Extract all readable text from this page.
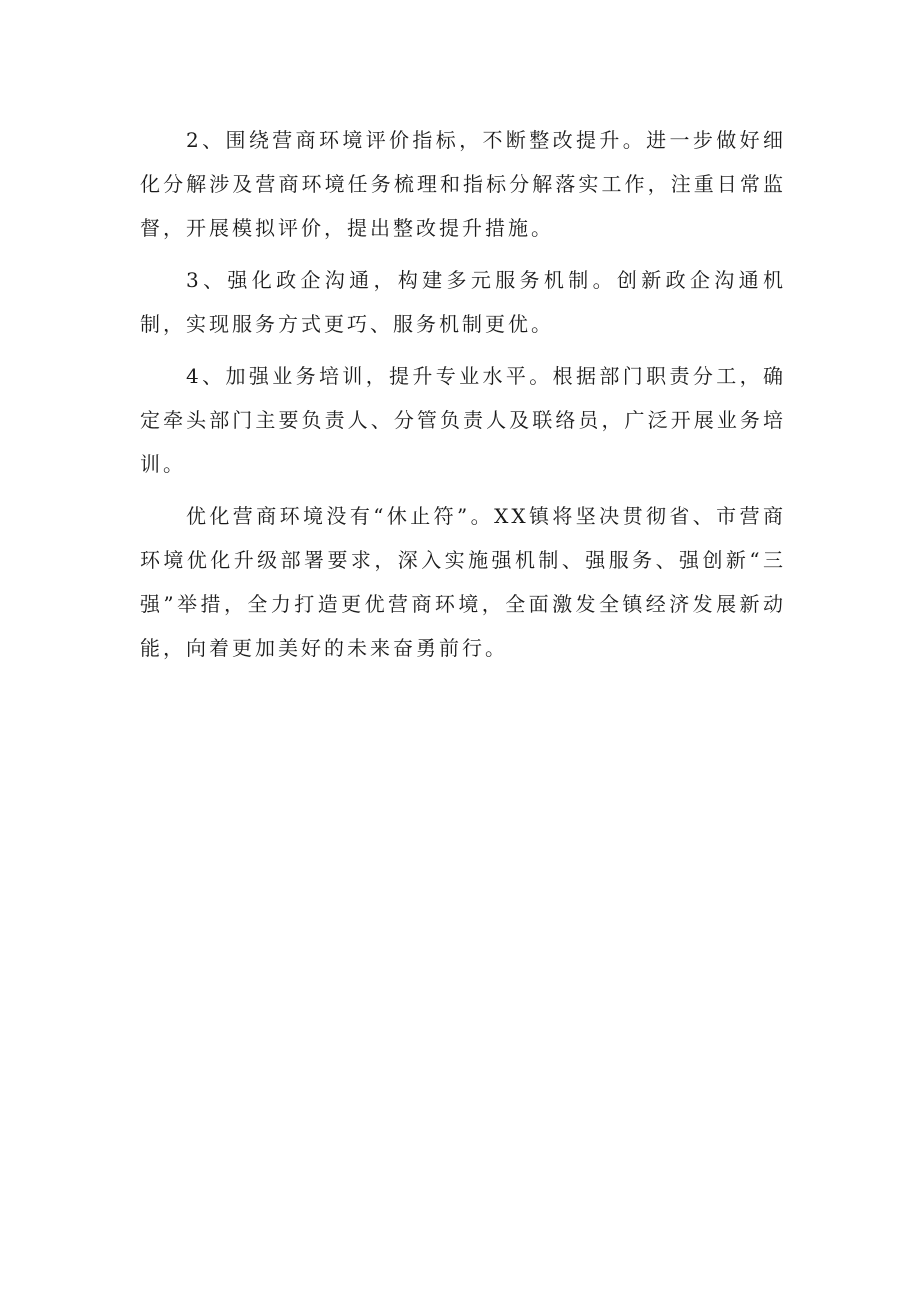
2、围绕营商环境评价指标，不断整改提升。进一步做好细化分解涉及营商环境任务梳理和指标分解落实工作，注重日常监督，开展模拟评价，提出整改提升措施。

3、强化政企沟通，构建多元服务机制。创新政企沟通机制，实现服务方式更巧、服务机制更优。

4、加强业务培训，提升专业水平。根据部门职责分工，确定牵头部门主要负责人、分管负责人及联络员，广泛开展业务培训。

优化营商环境没有“休止符”。XX镇将坚决贯彻省、市营商环境优化升级部署要求，深入实施强机制、强服务、强创新“三强”举措，全力打造更优营商环境，全面激发全镇经济发展新动能，向着更加美好的未来奋勇前行。
